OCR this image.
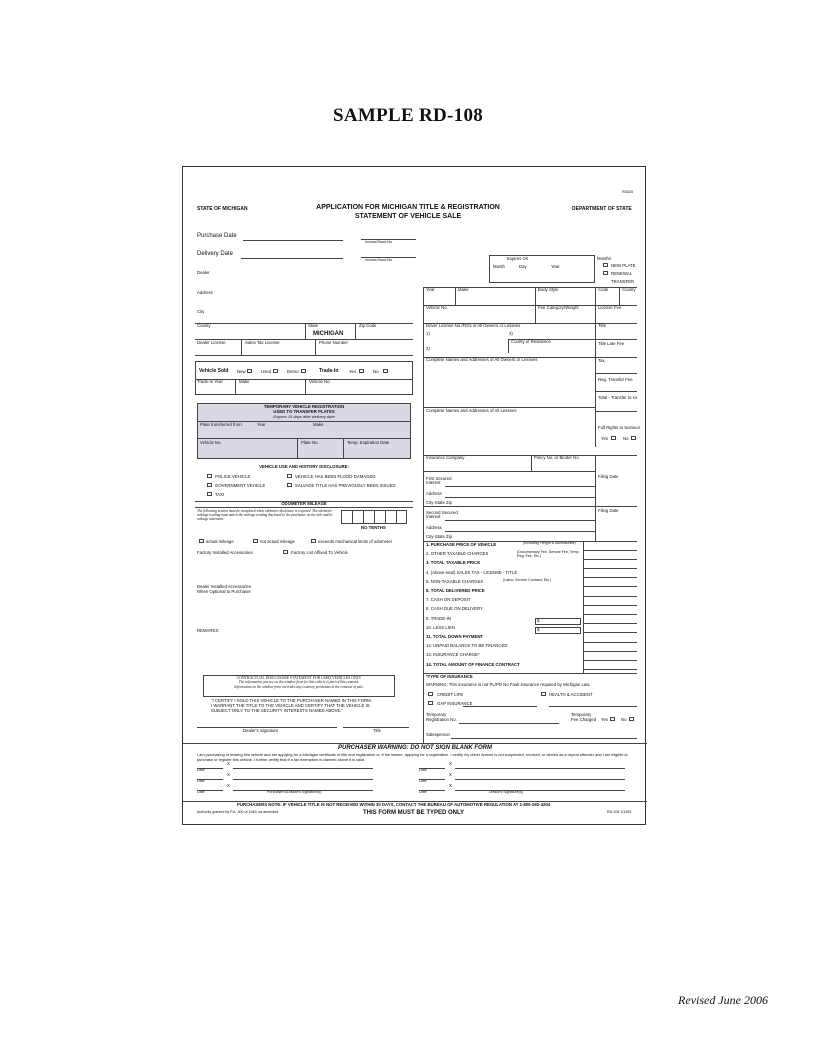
SAMPLE RD-108
RD525
STATE OF MICHIGAN	APPLICATION FOR MICHIGAN TITLE & REGISTRATION
STATEMENT OF VEHICLE SALE
DEPARTMENT OF STATE
Purchase Date
Invoice/Stock No.
Delivery Date
Invoice/Stock No.
Dealer
Address
City
County	State
MICHIGAN
Zip Code
Dealer License	Sales Tax License	Phone Number
Vehicle Sold New	Used	Demo	Trade-In Yes	No
Trade-In Year	Make	Vehicle No.
TEMPORARY VEHICLE REGISTRATION
USED TO TRANSFER PLATES
Expires 15 days after delivery date
Plate transferred from:	Year	Make
Vehicle No.	Plate No.	Temp. Expiration Date
VEHICLE USE AND HISTORY DISCLOSURE:
POLICE VEHICLE
GOVERNMENT VEHICLE
TAXI
VEHICLE HAS BEEN FLOOD-DAMAGED
SALVAGE TITLE HAS PREVIOUSLY BEEN ISSUED
ODOMETER MILEAGE
The following section must be completed when odometer disclosure is required. The odometer mileage reading must match the mileage reading disclosed to the purchaser on the title and/or mileage statement.
NO TENTHS
actual mileage	not actual mileage	exceeds mechanical limits of odometer
Factory Installed Accessories	Factory List Affixed To Vehicle
Dealer Installed Accessories
When Optional to Purchaser
REMARKS:
CONTRACTUAL DISCLOSURE STATEMENT FOR USED VEHICLES ONLY
The information you see on the window form for this vehicle is part of this contract.
Information on the window form overrides any contrary provisions in the contract of sale.
"I CERTIFY I SOLD THIS VEHICLE TO THE PURCHASER NAMED IN THIS FORM.
I WARRANT THE TITLE TO THE VEHICLE AND CERTIFY THAT THE VEHICLE IS
SUBJECT ONLY TO THE SECURITY INTERESTS NAMED ABOVE."
Dealer's Signature	Title
Expires On
Month	Day	Year
Months
NEW PLATE
RENEWAL
TRANSFER
Year	Make	Body Style	Code	County
Vehicle No.	Fee Category/Weight	License Fee
Driver License No./FIDs of All Owners or Lessees
1)	3)
Title
County of Residence
2)
Title Late Fee
Complete Names and Addresses of All Owners or Lessees	Tax
Reg. Transfer Fee
Total - Transfer to s4
Complete Names and Addresses of All Lessees
Full Rights to Survivor
Yes	No
Insurance Company	Policy No. or Binder No.
First Secured
Interest
Filing Date
Address
City-State Zip
Second Secured
Interest
Filing Date
Address
City-State Zip
1. PURCHASE PRICE OF VEHICLE
2. OTHER TAXABLE CHARGES
3. TOTAL TAXABLE PRICE
4. (Above-total) SALES TAX - LICENSE - TITLE
5. NON-TAXABLE CHARGES
6. TOTAL DELIVERED PRICE
7. CASH ON DEPOSIT
8. CASH DUE ON DELIVERY
9. TRADE-IN
10. LESS LIEN
11. TOTAL DOWN PAYMENT
12. UNPAID BALANCE TO BE FINANCED
13. INSURANCE CHARGE*
14. TOTAL AMOUNT OF FINANCE CONTRACT
(Including Freight & Accessories)
(Documentary Fee, Service Fee, Temp. Reg. Fee, Etc.)
(Labor, Service Contract, Etc.)
$
$
*TYPE OF INSURANCE
WARNING: This insurance is not PL/PD No Fault insurance required by Michigan Law.
CREDIT LIFE	HEALTH & ACCIDENT
GAP INSURANCE
Temporary
Registration No.
Temporary
Fee Charged Yes	No
Salesperson
PURCHASER WARNING: DO NOT SIGN BLANK FORM
I am purchasing or leasing this vehicle and am applying for a Michigan certificate of title and registration or, if the lessee, applying for a registration. I certify my driver license is not suspended, revoked, or denied as a repeat offender and I am eligible to purchase or register this vehicle. I further certify that if a tax exemption is claimed above it is valid.
Date
X
Date
X
Date
X
Date
X
Date
X
Purchaser's/Lessee's Signature(s)	Date
X
Lessor's Signature(s)
PURCHASERS NOTE: IF VEHICLE TITLE IS NOT RECEIVED WITHIN 30 DAYS, CONTACT THE BUREAU OF AUTOMOTIVE REGULATION AT 1-800-292-4204
Authority granted by P.A. 300 of 1949, as amended.	THIS FORM MUST BE TYPED ONLY	RD-108 1/1992
Revised June 2006
